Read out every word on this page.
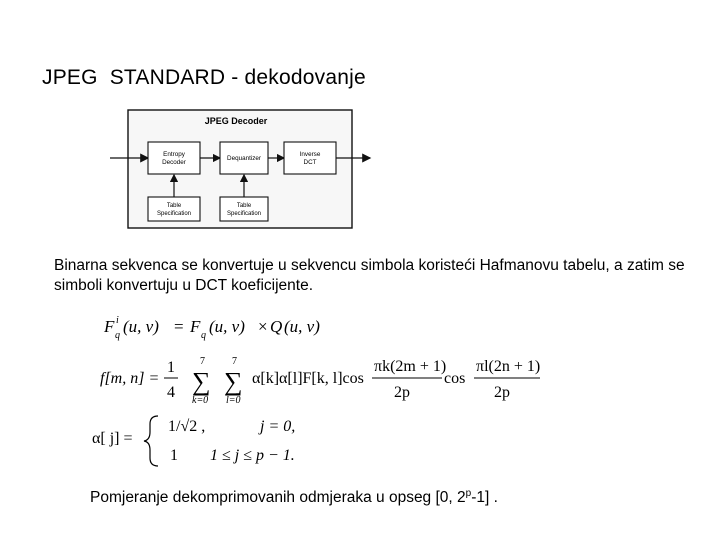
JPEG  STANDARD - dekodovanje
JPEG Decoder
Entropy
Decoder
Dequantizer
Inverse
DCT
Table
Specification
Table
Specification
Binarna sekvenca se konvertuje u sekvencu simbola koristeći Hafmanovu tabelu, a zatim se simboli konvertuju u DCT koeficijente.
F i
q (u, v) = F q (u, v) × Q (u, v)
f[m, n] =
1
4
7
∑
k=0
7
∑
l=0
α[k]α[l]F[k, l]cos
πk(2m + 1)
2p
cos
πl(2n + 1)
2p
α[ j] =
1/√2 ,	j = 0,
1 1 ≤ j ≤ p − 1.
Pomjeranje dekomprimovanih odmjeraka u opseg [0, 2$^p$-1] .
